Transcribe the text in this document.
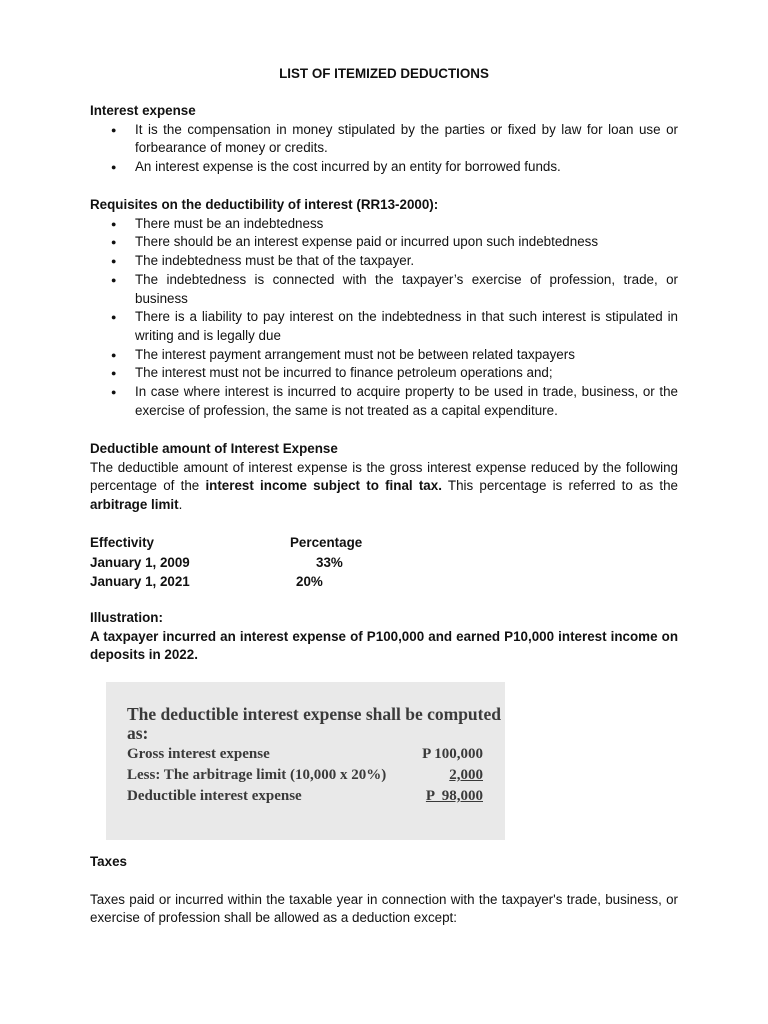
LIST OF ITEMIZED DEDUCTIONS
Interest expense
● It is the compensation in money stipulated by the parties or fixed by law for loan use or forbearance of money or credits.
● An interest expense is the cost incurred by an entity for borrowed funds.
Requisites on the deductibility of interest (RR13-2000):
● There must be an indebtedness
● There should be an interest expense paid or incurred upon such indebtedness
● The indebtedness must be that of the taxpayer.
● The indebtedness is connected with the taxpayer’s exercise of profession, trade, or business
● There is a liability to pay interest on the indebtedness in that such interest is stipulated in writing and is legally due
● The interest payment arrangement must not be between related taxpayers
● The interest must not be incurred to finance petroleum operations and;
● In case where interest is incurred to acquire property to be used in trade, business, or the exercise of profession, the same is not treated as a capital expenditure.
Deductible amount of Interest Expense
The deductible amount of interest expense is the gross interest expense reduced by the following percentage of the interest income subject to final tax. This percentage is referred to as the arbitrage limit.
Effectivity	Percentage
January 1, 2009	33%
January 1, 2021	20%
Illustration:
A taxpayer incurred an interest expense of P100,000 and earned P10,000 interest income on deposits in 2022.
The deductible interest expense shall be computed as:
Gross interest expense	P 100,000
Less: The arbitrage limit (10,000 x 20%)	2,000
Deductible interest expense	P  98,000
Taxes
Taxes paid or incurred within the taxable year in connection with the taxpayer's trade, business, or exercise of profession shall be allowed as a deduction except:
